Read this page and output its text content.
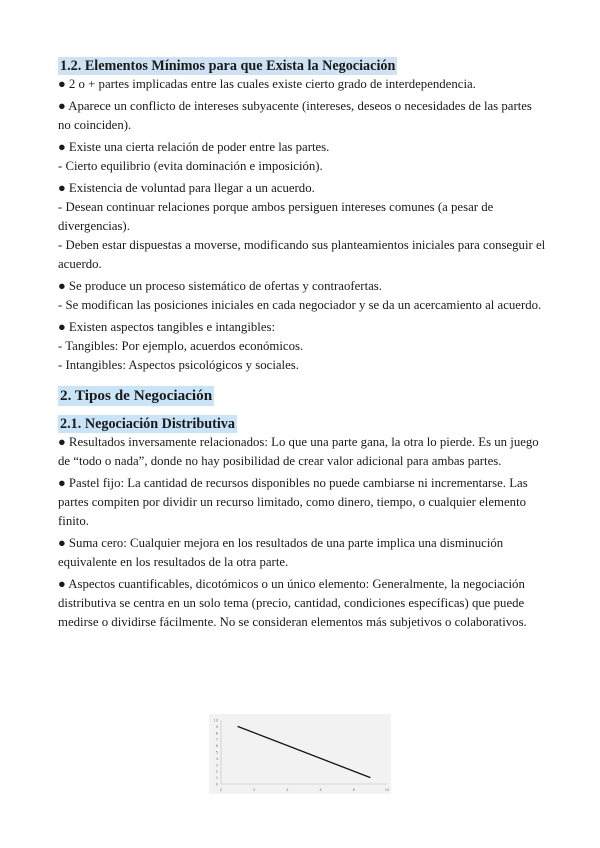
1.2. Elementos Mínimos para que Exista la Negociación

● 2 o + partes implicadas entre las cuales existe cierto grado de interdependencia.

● Aparece un conflicto de intereses subyacente (intereses, deseos o necesidades de las partes no coinciden).

● Existe una cierta relación de poder entre las partes.

- Cierto equilibrio (evita dominación e imposición).

● Existencia de voluntad para llegar a un acuerdo.

- Desean continuar relaciones porque ambos persiguen intereses comunes (a pesar de divergencias).

- Deben estar dispuestas a moverse, modificando sus planteamientos iniciales para conseguir el acuerdo.

● Se produce un proceso sistemático de ofertas y contraofertas.

- Se modifican las posiciones iniciales en cada negociador y se da un acercamiento al acuerdo.

● Existen aspectos tangibles e intangibles:

- Tangibles: Por ejemplo, acuerdos económicos.

- Intangibles: Aspectos psicológicos y sociales.

2. Tipos de Negociación
2.1. Negociación Distributiva

● Resultados inversamente relacionados: Lo que una parte gana, la otra lo pierde. Es un juego de “todo o nada”, donde no hay posibilidad de crear valor adicional para ambas partes.

● Pastel fijo: La cantidad de recursos disponibles no puede cambiarse ni incrementarse. Las partes compiten por dividir un recurso limitado, como dinero, tiempo, o cualquier elemento finito.

● Suma cero: Cualquier mejora en los resultados de una parte implica una disminución equivalente en los resultados de la otra parte.

● Aspectos cuantificables, dicotómicos o un único elemento: Generalmente, la negociación distributiva se centra en un solo tema (precio, cantidad, condiciones específicas) que puede medirse o dividirse fácilmente. No se consideran elementos más subjetivos o colaborativos.

0
1
2
3
4
5
6
7
8
9
10
0	2	4	6	8	10
